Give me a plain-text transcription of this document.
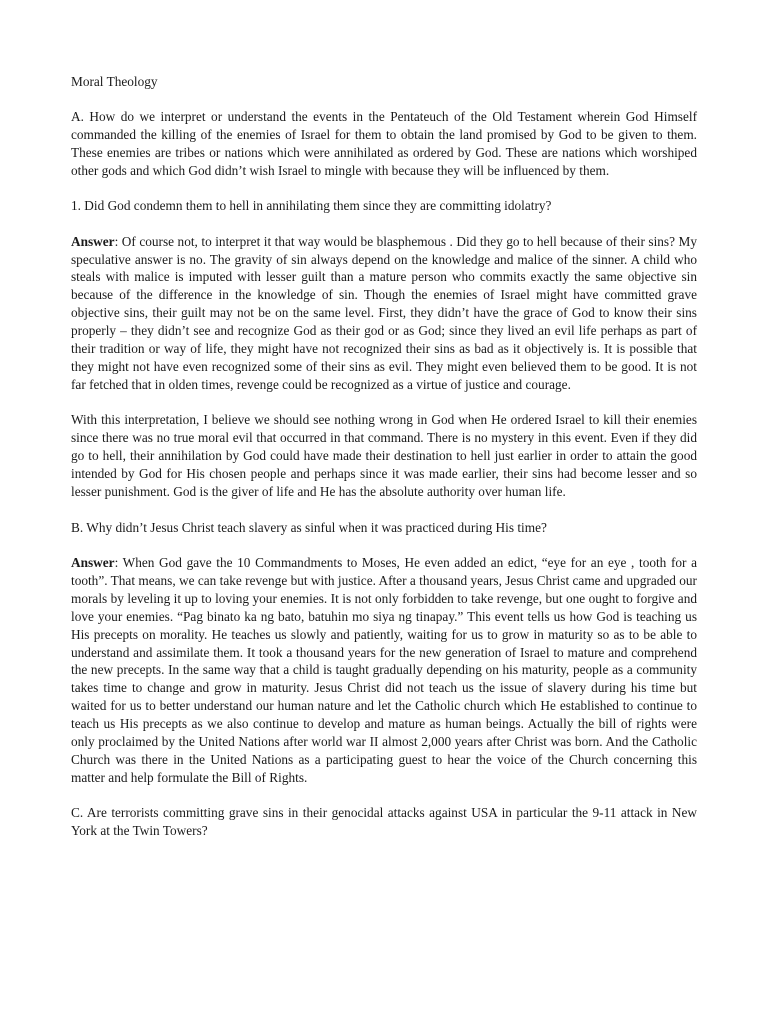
Moral Theology

A. How do we interpret or understand the events in the Pentateuch of the Old Testament wherein God Himself commanded the killing of the enemies of Israel for them to obtain the land promised by God to be given to them. These enemies are tribes or nations which were annihilated as ordered by God. These are nations which worshiped other gods and which God didn’t wish Israel to mingle with because they will be influenced by them.

1. Did God condemn them to hell in annihilating them since they are committing idolatry?

Answer: Of course not, to interpret it that way would be blasphemous . Did they go to hell because of their sins? My speculative answer is no. The gravity of sin always depend on the knowledge and malice of the sinner. A child who steals with malice is imputed with lesser guilt than a mature person who commits exactly the same objective sin because of the difference in the knowledge of sin. Though the enemies of Israel might have committed grave objective sins, their guilt may not be on the same level. First, they didn’t have the grace of God to know their sins properly – they didn’t see and recognize God as their god or as God; since they lived an evil life perhaps as part of their tradition or way of life, they might have not recognized their sins as bad as it objectively is. It is possible that they might not have even recognized some of their sins as evil. They might even believed them to be good. It is not far fetched that in olden times, revenge could be recognized as a virtue of justice and courage.

With this interpretation, I believe we should see nothing wrong in God when He ordered Israel to kill their enemies since there was no true moral evil that occurred in that command. There is no mystery in this event. Even if they did go to hell, their annihilation by God could have made their destination to hell just earlier in order to attain the good intended by God for His chosen people and perhaps since it was made earlier, their sins had become lesser and so lesser punishment. God is the giver of life and He has the absolute authority over human life.

B. Why didn’t Jesus Christ teach slavery as sinful when it was practiced during His time?

Answer: When God gave the 10 Commandments to Moses, He even added an edict, “eye for an eye , tooth for a tooth”. That means, we can take revenge but with justice. After a thousand years, Jesus Christ came and upgraded our morals by leveling it up to loving your enemies. It is not only forbidden to take revenge, but one ought to forgive and love your enemies. “Pag binato ka ng bato, batuhin mo siya ng tinapay.” This event tells us how God is teaching us His precepts on morality. He teaches us slowly and patiently, waiting for us to grow in maturity so as to be able to understand and assimilate them. It took a thousand years for the new generation of Israel to mature and comprehend the new precepts. In the same way that a child is taught gradually depending on his maturity, people as a community takes time to change and grow in maturity. Jesus Christ did not teach us the issue of slavery during his time but waited for us to better understand our human nature and let the Catholic church which He established to continue to teach us His precepts as we also continue to develop and mature as human beings. Actually the bill of rights were only proclaimed by the United Nations after world war II almost 2,000 years after Christ was born. And the Catholic Church was there in the United Nations as a participating guest to hear the voice of the Church concerning this matter and help formulate the Bill of Rights.

C. Are terrorists committing grave sins in their genocidal attacks against USA in particular the 9-11 attack in New York at the Twin Towers?
